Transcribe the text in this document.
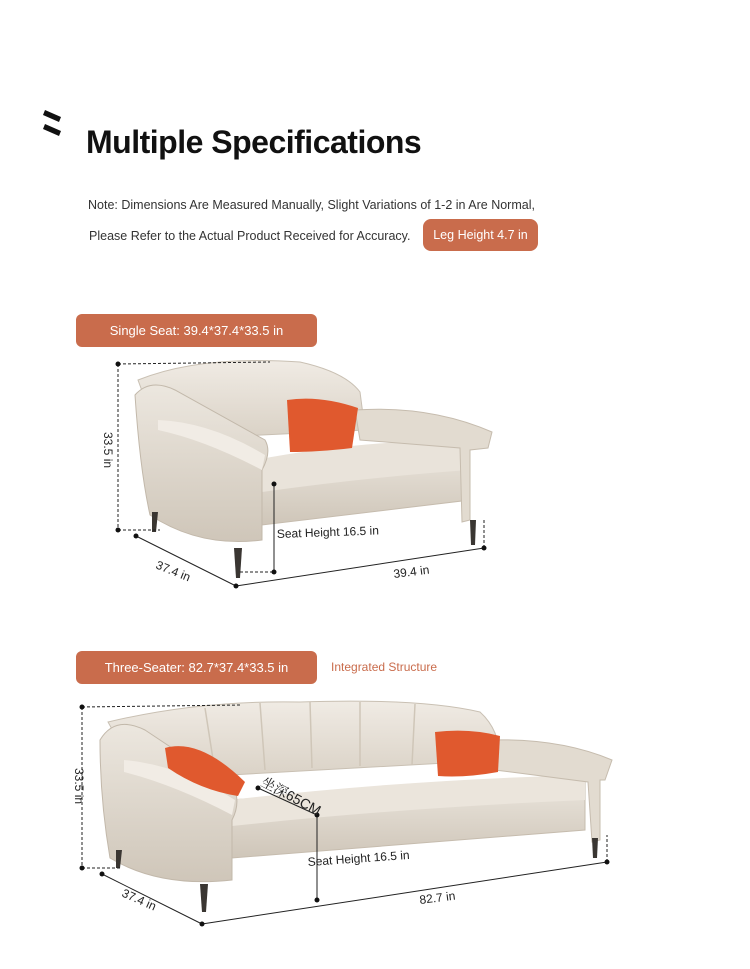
Multiple Specifications
Note: Dimensions Are Measured Manually, Slight Variations of 1-2 in Are Normal,
Please Refer to the Actual Product Received for Accuracy.	Leg Height 4.7 in
Single Seat: 39.4*37.4*33.5 in
Three-Seater: 82.7*37.4*33.5 in	Integrated Structure
33.5 in
37.4 in	39.4 in
Seat Height 16.5 in
33.5 in
37.4 in	82.7 in
Seat Height 16.5 in
坐深65CM
